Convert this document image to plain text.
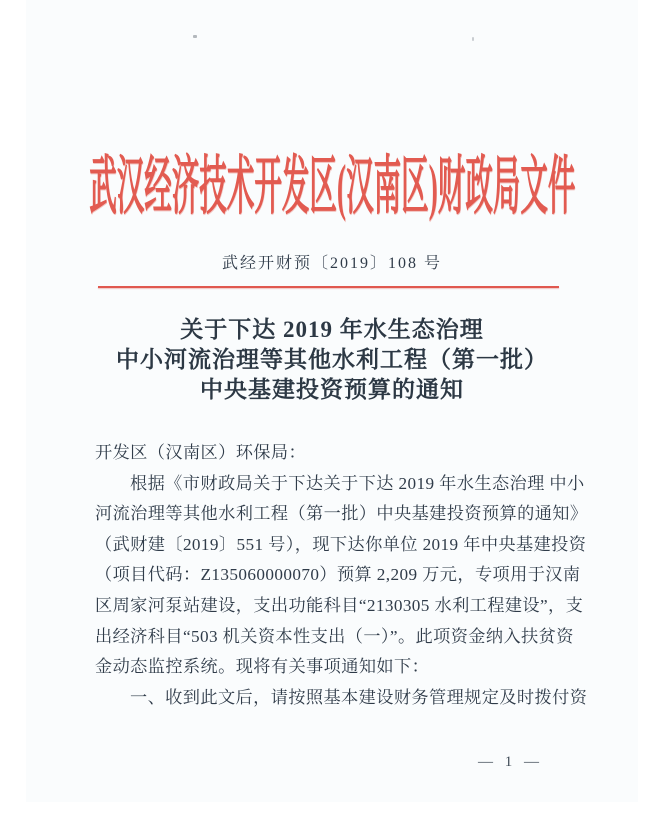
武汉经济技术开发区(汉南区)财政局文件
武经开财预〔2019〕108 号
关于下达 2019 年水生态治理
中小河流治理等其他水利工程（第一批）
中央基建投资预算的通知
开发区（汉南区）环保局：
根据《市财政局关于下达关于下达 2019 年水生态治理 中小
河流治理等其他水利工程（第一批）中央基建投资预算的通知》
（武财建〔2019〕551 号），现下达你单位 2019 年中央基建投资
（项目代码：Z135060000070）预算 2,209 万元，专项用于汉南
区周家河泵站建设，支出功能科目“2130305 水利工程建设”，支
出经济科目“503 机关资本性支出（一）”。此项资金纳入扶贫资
金动态监控系统。现将有关事项通知如下：
一、收到此文后，请按照基本建设财务管理规定及时拨付资
— 1 —
